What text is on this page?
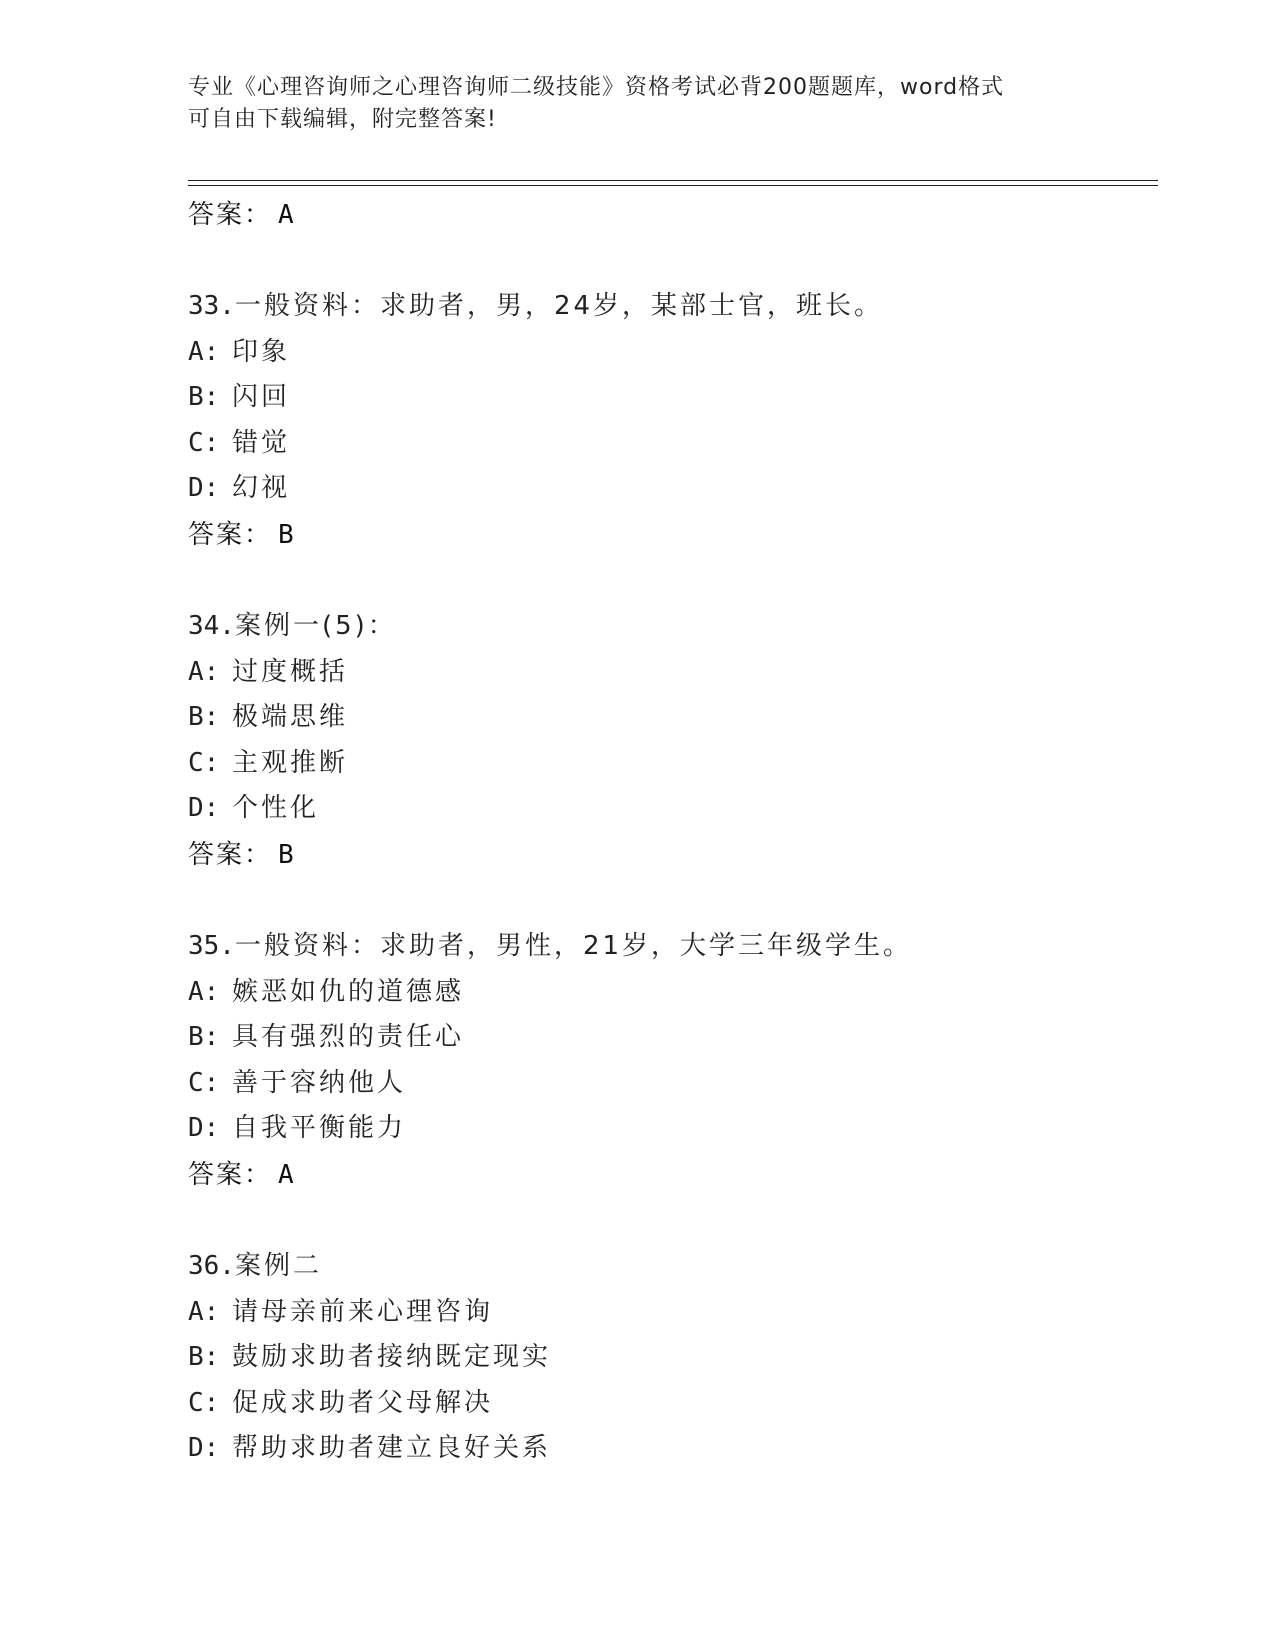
专业《心理咨询师之心理咨询师二级技能》资格考试必背200题题库，word格式
可自由下载编辑，附完整答案!
答案： A
33.一般资料：求助者，男，24岁，某部士官，班长。
A: 印象
B: 闪回
C: 错觉
D: 幻视
答案： B
34.案例一(5)：
A: 过度概括
B: 极端思维
C: 主观推断
D: 个性化
答案： B
35.一般资料：求助者，男性，21岁，大学三年级学生。
A: 嫉恶如仇的道德感
B: 具有强烈的责任心
C: 善于容纳他人
D: 自我平衡能力
答案： A
36.案例二
A: 请母亲前来心理咨询
B: 鼓励求助者接纳既定现实
C: 促成求助者父母解决
D: 帮助求助者建立良好关系
